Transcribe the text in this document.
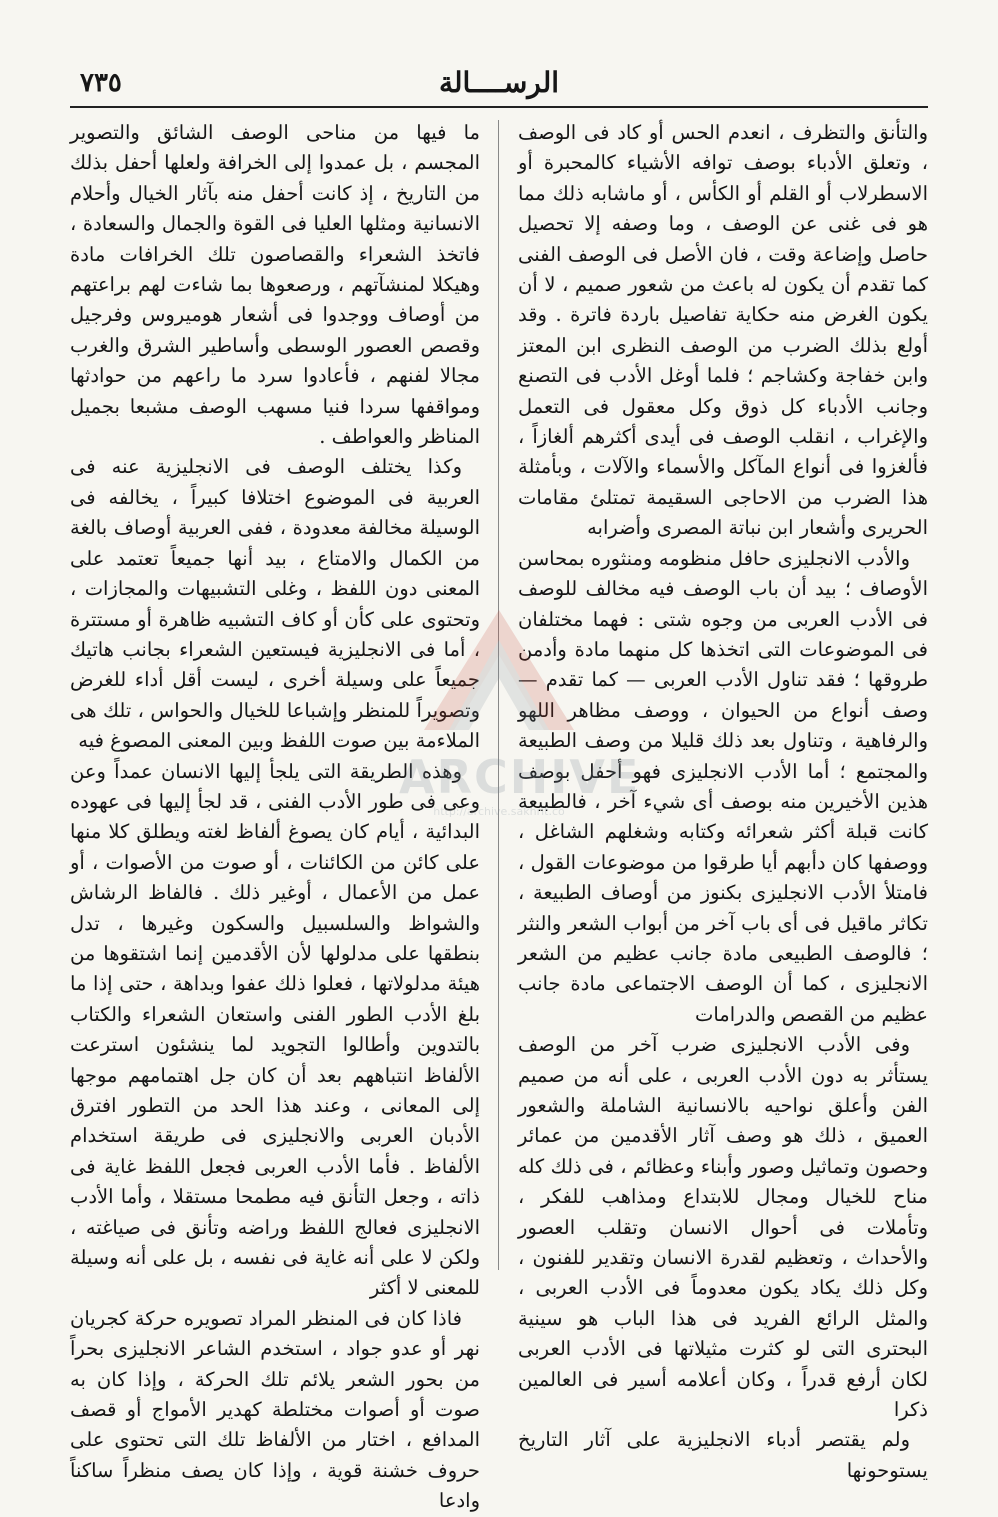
الرســــالة
٧٣٥

والتأنق والتظرف ، انعدم الحس أو كاد فى الوصف ، وتعلق الأدباء بوصف توافه الأشياء كالمحبرة أو الاسطرلاب أو القلم أو الكأس ، أو ماشابه ذلك مما هو فى غنى عن الوصف ، وما وصفه إلا تحصيل حاصل وإضاعة وقت ، فان الأصل فى الوصف الفنى كما تقدم أن يكون له باعث من شعور صميم ، لا أن يكون الغرض منه حكاية تفاصيل باردة فاترة . وقد أولع بذلك الضرب من الوصف النظرى ابن المعتز وابن خفاجة وكشاجم ؛ فلما أوغل الأدب فى التصنع وجانب الأدباء كل ذوق وكل معقول فى التعمل والإغراب ، انقلب الوصف فى أيدى أكثرهم ألغازاً ، فألغزوا فى أنواع المآكل والأسماء والآلات ، وبأمثلة هذا الضرب من الاحاجى السقيمة تمتلئ مقامات الحريرى وأشعار ابن نباتة المصرى وأضرابه

والأدب الانجليزى حافل منظومه ومنثوره بمحاسن الأوصاف ؛ بيد أن باب الوصف فيه مخالف للوصف فى الأدب العربى من وجوه شتى : فهما مختلفان فى الموضوعات التى اتخذها كل منهما مادة وأدمن طروقها ؛ فقد تناول الأدب العربى — كما تقدم — وصف أنواع من الحيوان ، ووصف مظاهر اللهو والرفاهية ، وتناول بعد ذلك قليلا من وصف الطبيعة والمجتمع ؛ أما الأدب الانجليزى فهو أحفل بوصف هذين الأخيرين منه بوصف أى شيء آخر ، فالطبيعة كانت قبلة أكثر شعرائه وكتابه وشغلهم الشاغل ، ووصفها كان دأبهم أيا طرقوا من موضوعات القول ، فامتلأ الأدب الانجليزى بكنوز من أوصاف الطبيعة ، تكاثر ماقيل فى أى باب آخر من أبواب الشعر والنثر ؛ فالوصف الطبيعى مادة جانب عظيم من الشعر الانجليزى ، كما أن الوصف الاجتماعى مادة جانب عظيم من القصص والدرامات

وفى الأدب الانجليزى ضرب آخر من الوصف يستأثر به دون الأدب العربى ، على أنه من صميم الفن وأعلق نواحيه بالانسانية الشاملة والشعور العميق ، ذلك هو وصف آثار الأقدمين من عمائر وحصون وتماثيل وصور وأبناء وعظائم ، فى ذلك كله مناح للخيال ومجال للابتداع ومذاهب للفكر ، وتأملات فى أحوال الانسان وتقلب العصور والأحداث ، وتعظيم لقدرة الانسان وتقدير للفنون ، وكل ذلك يكاد يكون معدوماً فى الأدب العربى ، والمثل الرائع الفريد فى هذا الباب هو سينية البحترى التى لو كثرت مثيلاتها فى الأدب العربى لكان أرفع قدراً ، وكان أعلامه أسير فى العالمين ذكرا

ولم يقتصر أدباء الانجليزية على آثار التاريخ يستوحونها

ما فيها من مناحى الوصف الشائق والتصوير المجسم ، بل عمدوا إلى الخرافة ولعلها أحفل بذلك من التاريخ ، إذ كانت أحفل منه بآثار الخيال وأحلام الانسانية ومثلها العليا فى القوة والجمال والسعادة ، فاتخذ الشعراء والقصاصون تلك الخرافات مادة وهيكلا لمنشآتهم ، ورصعوها بما شاءت لهم براعتهم من أوصاف ووجدوا فى أشعار هوميروس وفرجيل وقصص العصور الوسطى وأساطير الشرق والغرب مجالا لفنهم ، فأعادوا سرد ما راعهم من حوادثها ومواقفها سردا فنيا مسهب الوصف مشبعا بجميل المناظر والعواطف .

وكذا يختلف الوصف فى الانجليزية عنه فى العربية فى الموضوع اختلافا كبيراً ، يخالفه فى الوسيلة مخالفة معدودة ، ففى العربية أوصاف بالغة من الكمال والامتاع ، بيد أنها جميعاً تعتمد على المعنى دون اللفظ ، وغلى التشبيهات والمجازات ، وتحتوى على كأن أو كاف التشبيه ظاهرة أو مستترة ، أما فى الانجليزية فيستعين الشعراء بجانب هاتيك جميعاً على وسيلة أخرى ، ليست أقل أداء للغرض وتصويراً للمنظر وإشباعا للخيال والحواس ، تلك هى الملاءمة بين صوت اللفظ وبين المعنى المصوغ فيه

وهذه الطريقة التى يلجأ إليها الانسان عمداً وعن وعى فى طور الأدب الفنى ، قد لجأ إليها فى عهوده البدائية ، أيام كان يصوغ ألفاظ لغته ويطلق كلا منها على كائن من الكائنات ، أو صوت من الأصوات ، أو عمل من الأعمال ، أوغير ذلك . فالفاظ الرشاش والشواظ والسلسبيل والسكون وغيرها ، تدل بنطقها على مدلولها لأن الأقدمين إنما اشتقوها من هيئة مدلولاتها ، فعلوا ذلك عفوا وبداهة ، حتى إذا ما بلغ الأدب الطور الفنى واستعان الشعراء والكتاب بالتدوين وأطالوا التجويد لما ينشئون استرعت الألفاظ انتباههم بعد أن كان جل اهتمامهم موجها إلى المعانى ، وعند هذا الحد من التطور افترق الأدبان العربى والانجليزى فى طريقة استخدام الألفاظ . فأما الأدب العربى فجعل اللفظ غاية فى ذاته ، وجعل التأنق فيه مطمحا مستقلا ، وأما الأدب الانجليزى فعالج اللفظ وراضه وتأنق فى صياغته ، ولكن لا على أنه غاية فى نفسه ، بل على أنه وسيلة للمعنى لا أكثر

فاذا كان فى المنظر المراد تصويره حركة كجريان نهر أو عدو جواد ، استخدم الشاعر الانجليزى بحراً من بحور الشعر يلائم تلك الحركة ، وإذا كان به صوت أو أصوات مختلطة كهدير الأمواج أو قصف المدافع ، اختار من الألفاظ تلك التى تحتوى على حروف خشنة قوية ، وإذا كان يصف منظراً ساكناً وادعا

ARCHIVE
http://archive.sakhrit.co
